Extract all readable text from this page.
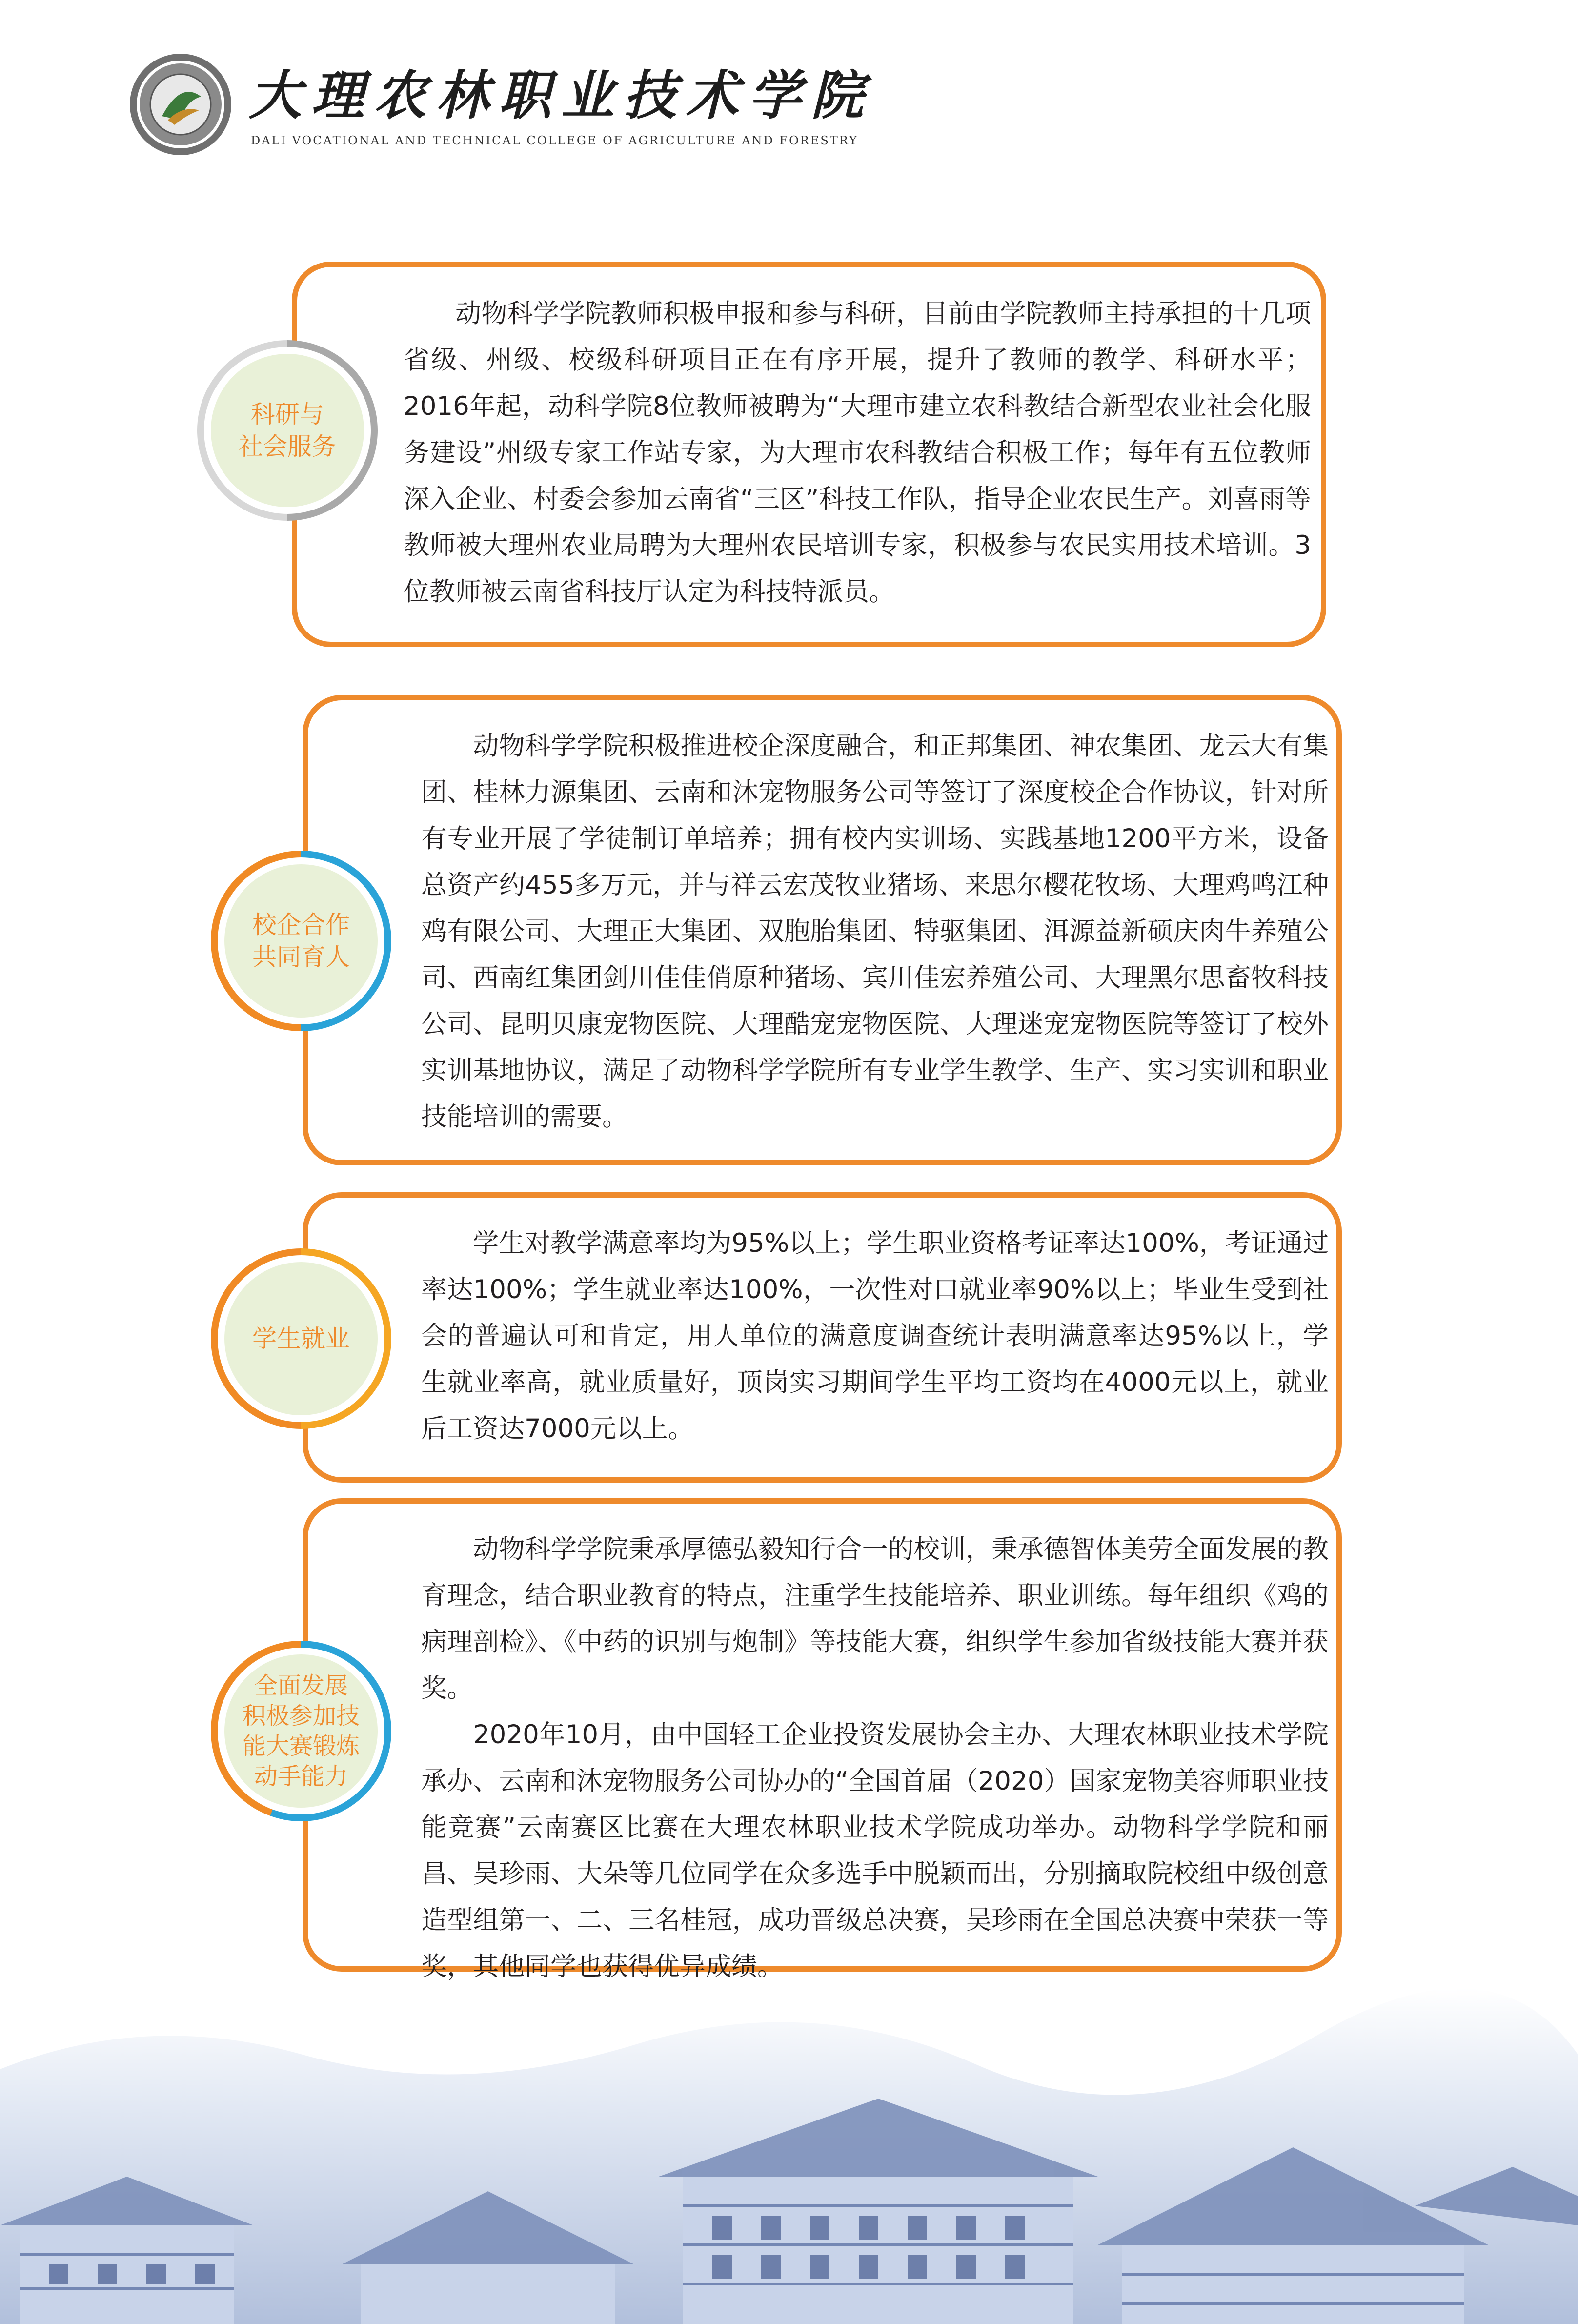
大理农林职业技术学院
DALI VOCATIONAL AND TECHNICAL COLLEGE OF AGRICULTURE AND FORESTRY
　　动物科学学院教师积极申报和参与科研，目前由学院教师主持承担的十几项省级、州级、校级科研项目正在有序开展，提升了教师的教学、科研水平；2016年起，动科学院8位教师被聘为“大理市建立农科教结合新型农业社会化服务建设”州级专家工作站专家，为大理市农科教结合积极工作；每年有五位教师深入企业、村委会参加云南省“三区”科技工作队，指导企业农民生产。刘喜雨等教师被大理州农业局聘为大理州农民培训专家，积极参与农民实用技术培训。3位教师被云南省科技厅认定为科技特派员。
科研与
社会服务
　　动物科学学院积极推进校企深度融合，和正邦集团、神农集团、龙云大有集团、桂林力源集团、云南和沐宠物服务公司等签订了深度校企合作协议，针对所有专业开展了学徒制订单培养；拥有校内实训场、实践基地1200平方米，设备总资产约455多万元，并与祥云宏茂牧业猪场、来思尔樱花牧场、大理鸡鸣江种鸡有限公司、大理正大集团、双胞胎集团、特驱集团、洱源益新硕庆肉牛养殖公司、西南红集团剑川佳佳俏原种猪场、宾川佳宏养殖公司、大理黑尔思畜牧科技公司、昆明贝康宠物医院、大理酷宠宠物医院、大理迷宠宠物医院等签订了校外实训基地协议，满足了动物科学学院所有专业学生教学、生产、实习实训和职业技能培训的需要。
校企合作
共同育人
　　学生对教学满意率均为95%以上；学生职业资格考证率达100%，考证通过率达100%；学生就业率达100%，一次性对口就业率90%以上；毕业生受到社会的普遍认可和肯定，用人单位的满意度调查统计表明满意率达95%以上，学生就业率高，就业质量好，顶岗实习期间学生平均工资均在4000元以上，就业后工资达7000元以上。
学生就业
　　动物科学学院秉承厚德弘毅知行合一的校训，秉承德智体美劳全面发展的教育理念，结合职业教育的特点，注重学生技能培养、职业训练。每年组织《鸡的病理剖检》、《中药的识别与炮制》等技能大赛，组织学生参加省级技能大赛并获奖。
　　2020年10月，由中国轻工企业投资发展协会主办、大理农林职业技术学院承办、云南和沐宠物服务公司协办的“全国首届（2020）国家宠物美容师职业技能竞赛”云南赛区比赛在大理农林职业技术学院成功举办。动物科学学院和丽昌、吴珍雨、大朵等几位同学在众多选手中脱颖而出，分别摘取院校组中级创意造型组第一、二、三名桂冠，成功晋级总决赛，吴珍雨在全国总决赛中荣获一等奖，其他同学也获得优异成绩。
全面发展
积极参加技
能大赛锻炼
动手能力
